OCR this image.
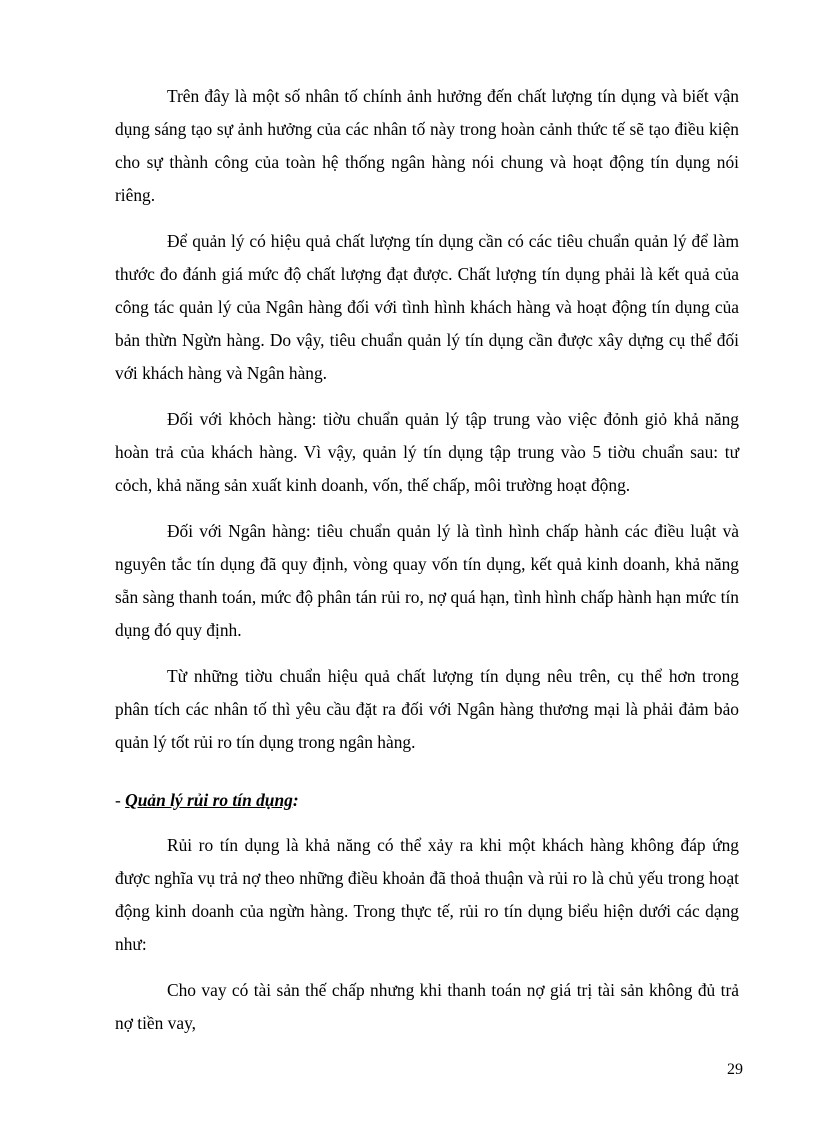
Trên đây là một số nhân tố chính ảnh hưởng đến chất lượng tín dụng và biết vận dụng sáng tạo sự ảnh hưởng của các nhân tố này trong hoàn cảnh thức tế sẽ tạo điều kiện cho sự thành công của toàn hệ thống ngân hàng nói chung và hoạt động tín dụng nói riêng.

Để quản lý có hiệu quả chất lượng tín dụng cần có các tiêu chuẩn quản lý để làm thước đo đánh giá mức độ chất lượng đạt được. Chất lượng tín dụng phải là kết quả của công tác quản lý của Ngân hàng đối với tình hình khách hàng và hoạt động tín dụng của bản thừn Ngừn hàng. Do vậy, tiêu chuẩn quản lý tín dụng cần được xây dựng cụ thể đối với khách hàng và Ngân hàng.

Đối với khỏch hàng: tiờu chuẩn quản lý tập trung vào việc đỏnh giỏ khả năng hoàn trả của khách hàng. Vì vậy, quản lý tín dụng tập trung vào 5 tiờu chuẩn sau: tư cỏch, khả năng sản xuất kinh doanh, vốn, thế chấp, môi trường hoạt động.

Đối với Ngân hàng: tiêu chuẩn quản lý là tình hình chấp hành các điều luật và nguyên tắc tín dụng đã quy định, vòng quay vốn tín dụng, kết quả kinh doanh, khả năng sẵn sàng thanh toán, mức độ phân tán rủi ro, nợ quá hạn, tình hình chấp hành hạn mức tín dụng đó quy định.

Từ những tiờu chuẩn hiệu quả chất lượng tín dụng nêu trên, cụ thể hơn trong phân tích các nhân tố thì yêu cầu đặt ra đối với Ngân hàng thương mại là phải đảm bảo quản lý tốt rủi ro tín dụng trong ngân hàng.

- Quản lý rủi ro tín dụng:

Rủi ro tín dụng là khả năng có thể xảy ra khi một khách hàng không đáp ứng được nghĩa vụ trả nợ theo những điều khoản đã thoả thuận và rủi ro là chủ yếu trong hoạt động kinh doanh của ngừn hàng. Trong thực tế, rủi ro tín dụng biểu hiện dưới các dạng như:

Cho vay có tài sản thế chấp nhưng khi thanh toán nợ giá trị tài sản không đủ trả nợ tiền vay,

29
